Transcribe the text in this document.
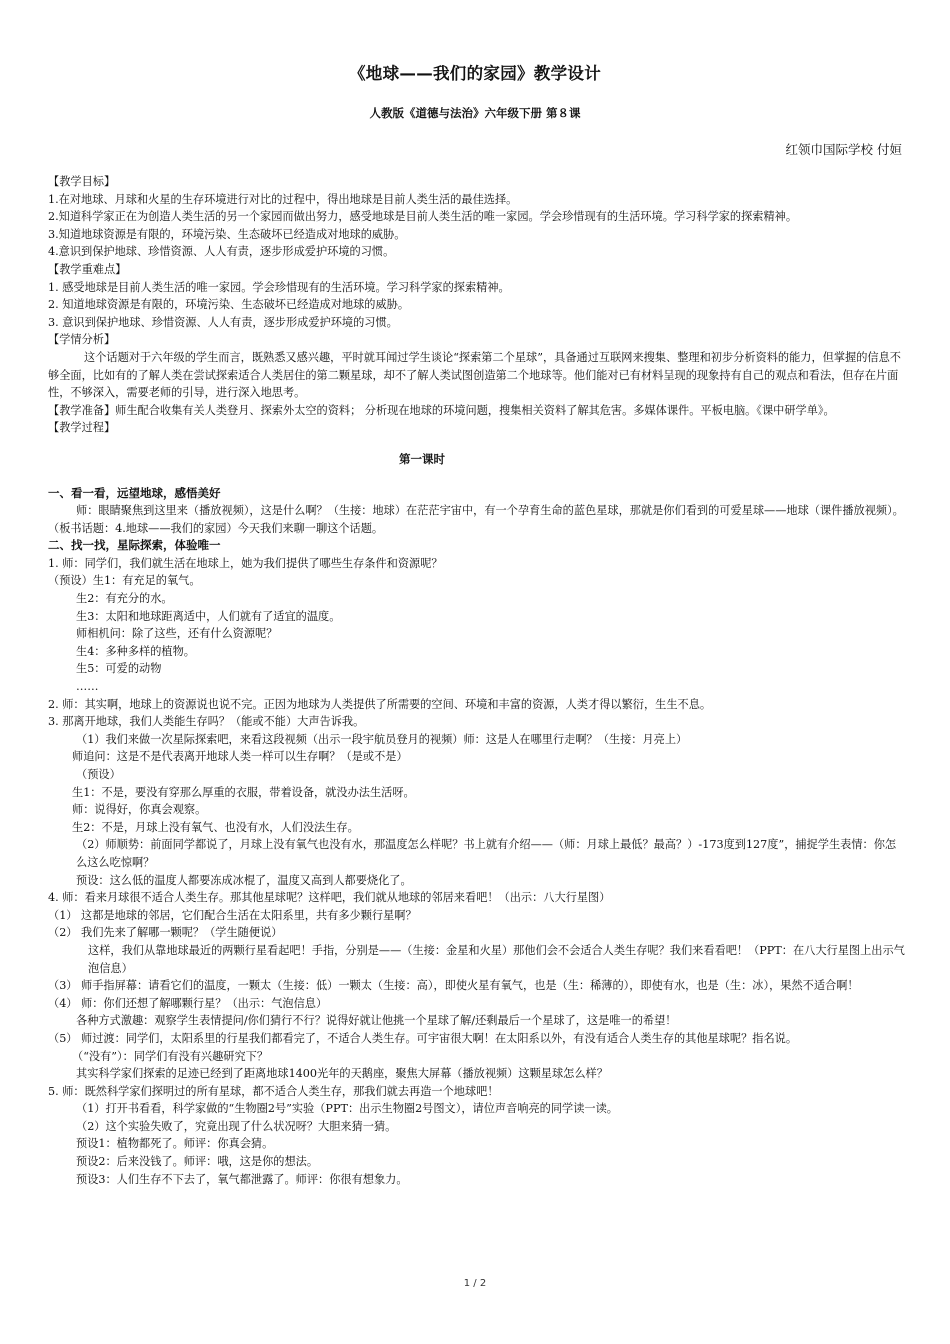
《地球——我们的家园》教学设计
人教版《道德与法治》六年级下册 第８课
红领巾国际学校 付姮

【教学目标】

1.在对地球、月球和火星的生存环境进行对比的过程中，得出地球是目前人类生活的最佳选择。

2.知道科学家正在为创造人类生活的另一个家园而做出努力，感受地球是目前人类生活的唯一家园。学会珍惜现有的生活环境。学习科学家的探索精神。

3.知道地球资源是有限的，环境污染、生态破坏已经造成对地球的威胁。

4.意识到保护地球、珍惜资源、人人有责，逐步形成爱护环境的习惯。

【教学重难点】

1. 感受地球是目前人类生活的唯一家园。学会珍惜现有的生活环境。学习科学家的探索精神。

2. 知道地球资源是有限的，环境污染、生态破坏已经造成对地球的威胁。

3. 意识到保护地球、珍惜资源、人人有责，逐步形成爱护环境的习惯。

【学情分析】

这个话题对于六年级的学生而言，既熟悉又感兴趣，平时就耳闻过学生谈论“探索第二个星球”，具备通过互联网来搜集、整理和初步分析资料的能力，但掌握的信息不够全面，比如有的了解人类在尝试探索适合人类居住的第二颗星球，却不了解人类试图创造第二个地球等。他们能对已有材料呈现的现象持有自己的观点和看法，但存在片面性，不够深入，需要老师的引导，进行深入地思考。

【教学准备】师生配合收集有关人类登月、探索外太空的资料； 分析现在地球的环境问题，搜集相关资料了解其危害。多媒体课件。平板电脑。《课中研学单》。

【教学过程】

第一课时

一、看一看，远望地球，感悟美好

师：眼睛聚焦到这里来（播放视频），这是什么啊？（生接：地球）在茫茫宇宙中，有一个孕育生命的蓝色星球，那就是你们看到的可爱星球——地球（课件播放视频）。（板书话题：4.地球——我们的家园）今天我们来聊一聊这个话题。

二、找一找，星际探索，体验唯一

1. 师：同学们，我们就生活在地球上，她为我们提供了哪些生存条件和资源呢？

（预设）生1：有充足的氧气。

生2：有充分的水。

生3：太阳和地球距离适中，人们就有了适宜的温度。

师相机问：除了这些，还有什么资源呢？

生4：多种多样的植物。

生5：可爱的动物

……

2. 师：其实啊，地球上的资源说也说不完。正因为地球为人类提供了所需要的空间、环境和丰富的资源，人类才得以繁衍，生生不息。

3. 那离开地球，我们人类能生存吗？（能或不能）大声告诉我。

（1）我们来做一次星际探索吧，来看这段视频（出示一段宇航员登月的视频）师：这是人在哪里行走啊？（生接：月亮上）

师追问：这是不是代表离开地球人类一样可以生存啊？（是或不是）

（预设）

生1：不是，要没有穿那么厚重的衣服，带着设备，就没办法生活呀。

师：说得好，你真会观察。

生2：不是，月球上没有氧气、也没有水，人们没法生存。

（2）师顺势：前面同学都说了，月球上没有氧气也没有水，那温度怎么样呢？书上就有介绍——（师：月球上最低？最高？）-173度到127度”，捕捉学生表情：你怎么这么吃惊啊？

预设：这么低的温度人都要冻成冰棍了，温度又高到人都要烧化了。

4. 师：看来月球很不适合人类生存。那其他星球呢？这样吧，我们就从地球的邻居来看吧！（出示：八大行星图）

（1） 这都是地球的邻居，它们配合生活在太阳系里，共有多少颗行星啊？

（2） 我们先来了解哪一颗呢？（学生随便说）

这样，我们从靠地球最近的两颗行星看起吧！手指，分别是——（生接：金星和火星）那他们会不会适合人类生存呢？我们来看看吧！（PPT：在八大行星图上出示气泡信息）

（3） 师手指屏幕：请看它们的温度，一颗太（生接：低）一颗太（生接：高），即使火星有氧气，也是（生：稀薄的），即使有水，也是（生：冰），果然不适合啊！

（4） 师：你们还想了解哪颗行星？（出示：气泡信息）

各种方式激趣：观察学生表情提问/你们猜行不行？说得好就让他挑一个星球了解/还剩最后一个星球了，这是唯一的希望！

（5） 师过渡：同学们，太阳系里的行星我们都看完了，不适合人类生存。可宇宙很大啊！在太阳系以外，有没有适合人类生存的其他星球呢？指名说。

（“没有”）：同学们有没有兴趣研究下？

其实科学家们探索的足迹已经到了距离地球1400光年的天鹅座，聚焦大屏幕（播放视频）这颗星球怎么样？

5. 师：既然科学家们探明过的所有星球，都不适合人类生存，那我们就去再造一个地球吧！

（1）打开书看看，科学家做的“生物圈2号”实验（PPT：出示生物圈2号图文），请位声音响亮的同学读一读。

（2）这个实验失败了，究竟出现了什么状况呀？大胆来猜一猜。

预设1：植物都死了。师评：你真会猜。

预设2：后来没钱了。师评：哦，这是你的想法。

预设3：人们生存不下去了，氧气都泄露了。师评：你很有想象力。

1 / 2
